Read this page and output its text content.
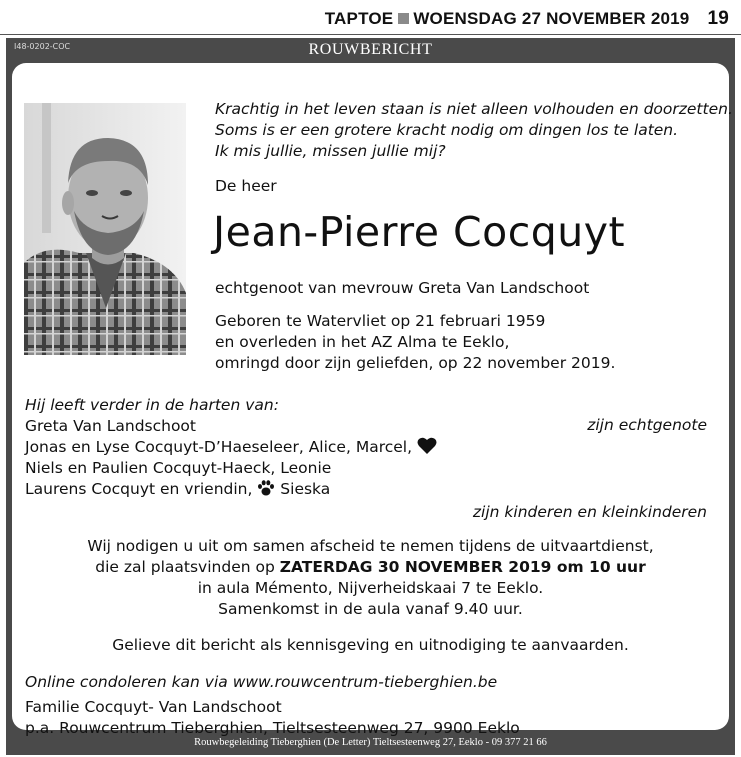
TAPTOE WOENSDAG 27 NOVEMBER 2019 19
I48-0202-COC	ROUWBERICHT
Krachtig in het leven staan is niet alleen volhouden en doorzetten.
Soms is er een grotere kracht nodig om dingen los te laten.
Ik mis jullie, missen jullie mij?
De heer
Jean-Pierre Cocquyt
echtgenoot van mevrouw Greta Van Landschoot
Geboren te Watervliet op 21 februari 1959
en overleden in het AZ Alma te Eeklo,
omringd door zijn geliefden, op 22 november 2019.
Hij leeft verder in de harten van:
Greta Van Landschoot	zijn echtgenote
Jonas en Lyse Cocquyt-D’Haeseleer, Alice, Marcel,
Niels en Paulien Cocquyt-Haeck, Leonie
Laurens Cocquyt en vriendin, Sieska
zijn kinderen en kleinkinderen
Wij nodigen u uit om samen afscheid te nemen tijdens de uitvaartdienst,
die zal plaatsvinden op ZATERDAG 30 NOVEMBER 2019 om 10 uur
in aula Mémento, Nijverheidskaai 7 te Eeklo.
Samenkomst in de aula vanaf 9.40 uur.
Gelieve dit bericht als kennisgeving en uitnodiging te aanvaarden.
Online condoleren kan via www.rouwcentrum-tieberghien.be
Familie Cocquyt- Van Landschoot
p.a. Rouwcentrum Tieberghien, Tieltsesteenweg 27, 9900 Eeklo
Rouwbegeleiding Tieberghien (De Letter) Tieltsesteenweg 27, Eeklo - 09 377 21 66
